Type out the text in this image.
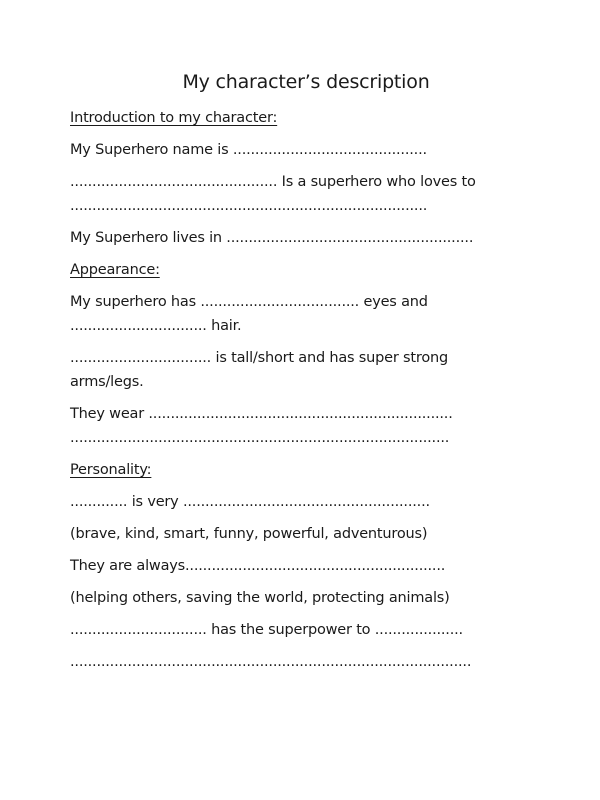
My character’s description
Introduction to my character:
My Superhero name is ............................................
............................................... Is a superhero who loves to
.................................................................................
My Superhero lives in ........................................................
Appearance:
My superhero has .................................... eyes and
............................... hair.
................................ is tall/short and has super strong
arms/legs.
They wear .....................................................................
......................................................................................
Personality:
............. is very ........................................................
(brave, kind, smart, funny, powerful, adventurous)
They are always...........................................................
(helping others, saving the world, protecting animals)
............................... has the superpower to ....................
...........................................................................................
